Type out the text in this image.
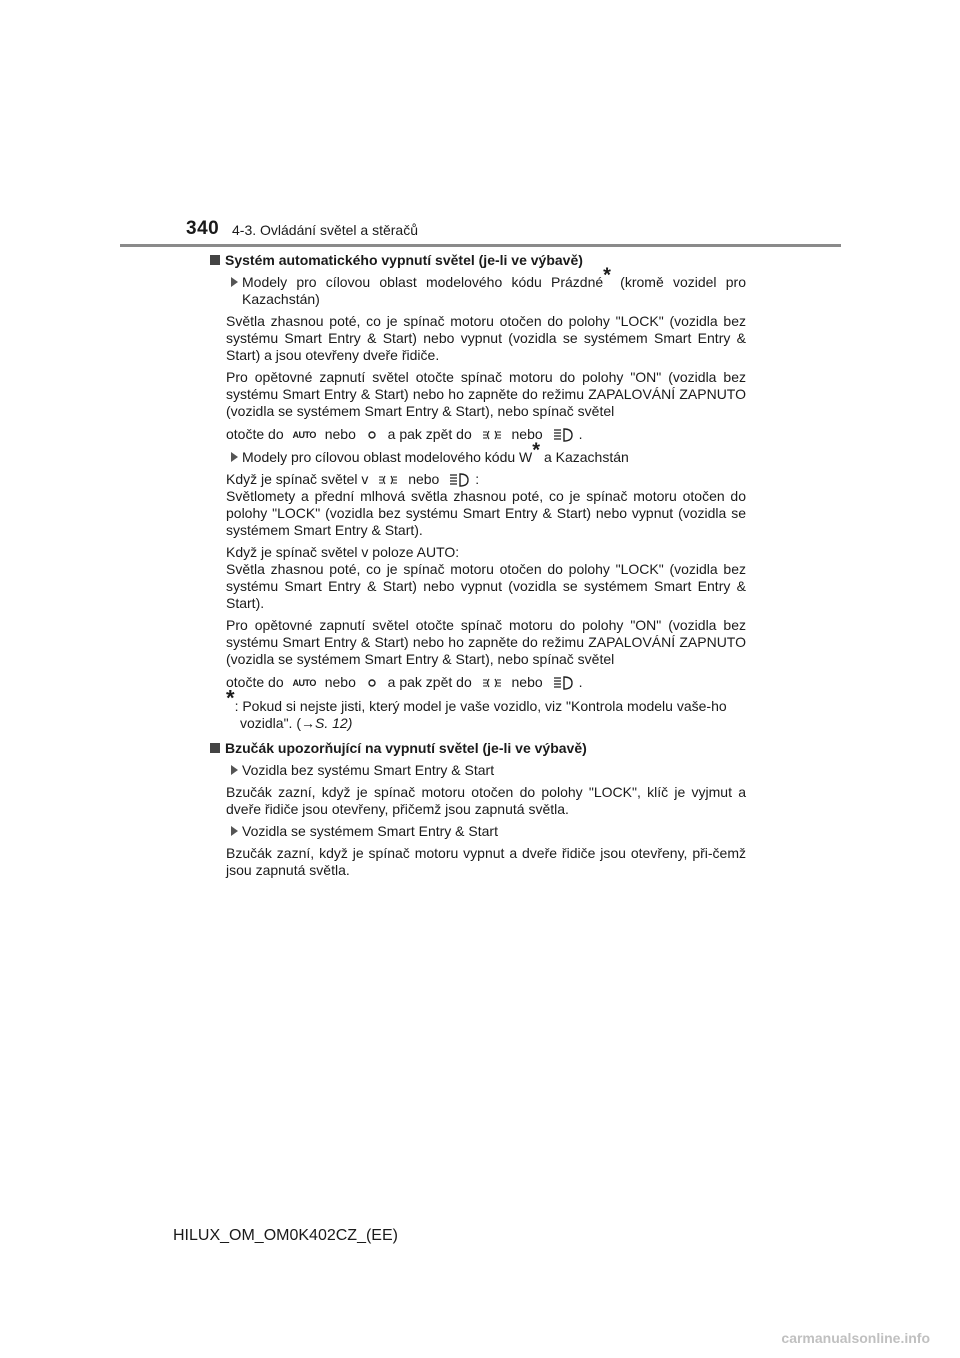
340 4-3. Ovládání světel a stěračů
Systém automatického vypnutí světel (je-li ve výbavě)
Modely pro cílovou oblast modelového kódu Prázdné* (kromě vozidel pro Kazachstán)
Světla zhasnou poté, co je spínač motoru otočen do polohy "LOCK" (vozidla bez systému Smart Entry & Start) nebo vypnut (vozidla se systémem Smart Entry & Start) a jsou otevřeny dveře řidiče.
Pro opětovné zapnutí světel otočte spínač motoru do polohy "ON" (vozidla bez systému Smart Entry & Start) nebo ho zapněte do režimu ZAPALOVÁNÍ ZAPNUTO (vozidla se systémem Smart Entry & Start), nebo spínač světel
otočte do AUTO nebo a pak zpět do	nebo	.
Modely pro cílovou oblast modelového kódu W* a Kazachstán
Když je spínač světel v	nebo	:
Světlomety a přední mlhová světla zhasnou poté, co je spínač motoru otočen do polohy "LOCK" (vozidla bez systému Smart Entry & Start) nebo vypnut (vozidla se systémem Smart Entry & Start).
Když je spínač světel v poloze AUTO:
Světla zhasnou poté, co je spínač motoru otočen do polohy "LOCK" (vozidla bez systému Smart Entry & Start) nebo vypnut (vozidla se systémem Smart Entry & Start).
Pro opětovné zapnutí světel otočte spínač motoru do polohy "ON" (vozidla bez systému Smart Entry & Start) nebo ho zapněte do režimu ZAPALOVÁNÍ ZAPNUTO (vozidla se systémem Smart Entry & Start), nebo spínač světel
otočte do AUTO nebo a pak zpět do	nebo	.
*: Pokud si nejste jisti, který model je vaše vozidlo, viz "Kontrola modelu vaše-ho vozidla". (→S. 12)
Bzučák upozorňující na vypnutí světel (je-li ve výbavě)
Vozidla bez systému Smart Entry & Start
Bzučák zazní, když je spínač motoru otočen do polohy "LOCK", klíč je vyjmut a dveře řidiče jsou otevřeny, přičemž jsou zapnutá světla.
Vozidla se systémem Smart Entry & Start
Bzučák zazní, když je spínač motoru vypnut a dveře řidiče jsou otevřeny, při-čemž jsou zapnutá světla.
HILUX_OM_OM0K402CZ_(EE)
carmanualsonline.info
